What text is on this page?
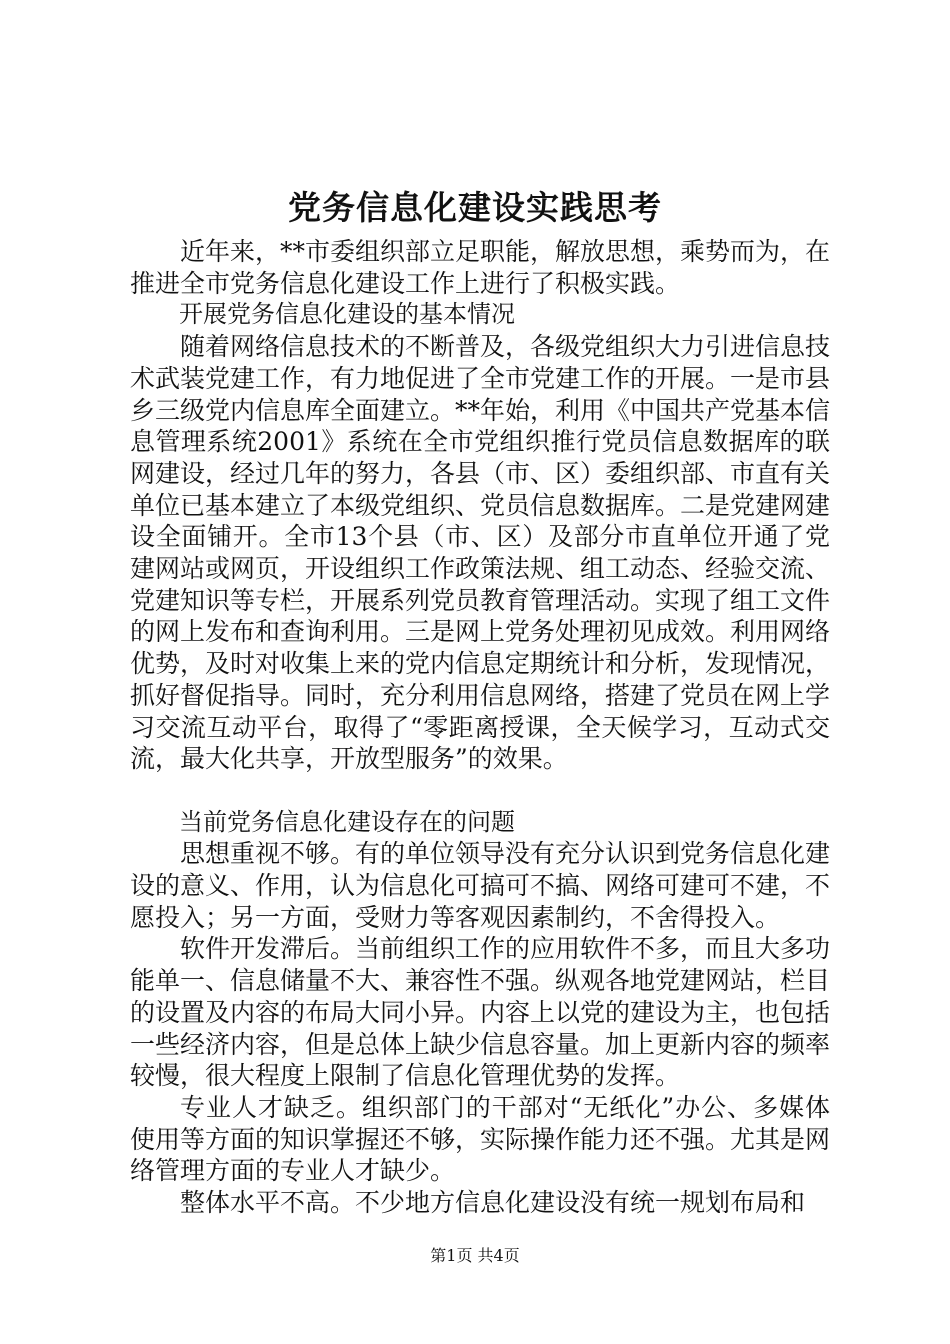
党务信息化建设实践思考

近年来，**市委组织部立足职能，解放思想，乘势而为，在推进全市党务信息化建设工作上进行了积极实践。

开展党务信息化建设的基本情况

随着网络信息技术的不断普及，各级党组织大力引进信息技术武装党建工作，有力地促进了全市党建工作的开展。一是市县乡三级党内信息库全面建立。**年始，利用《中国共产党基本信息管理系统2001》系统在全市党组织推行党员信息数据库的联网建设，经过几年的努力，各县（市、区）委组织部、市直有关单位已基本建立了本级党组织、党员信息数据库。二是党建网建设全面铺开。全市13个县（市、区）及部分市直单位开通了党建网站或网页，开设组织工作政策法规、组工动态、经验交流、党建知识等专栏，开展系列党员教育管理活动。实现了组工文件的网上发布和查询利用。三是网上党务处理初见成效。利用网络优势，及时对收集上来的党内信息定期统计和分析，发现情况，抓好督促指导。同时，充分利用信息网络，搭建了党员在网上学习交流互动平台，取得了“零距离授课，全天候学习，互动式交流，最大化共享，开放型服务”的效果。

当前党务信息化建设存在的问题

思想重视不够。有的单位领导没有充分认识到党务信息化建设的意义、作用，认为信息化可搞可不搞、网络可建可不建，不愿投入；另一方面，受财力等客观因素制约，不舍得投入。

软件开发滞后。当前组织工作的应用软件不多，而且大多功能单一、信息储量不大、兼容性不强。纵观各地党建网站，栏目的设置及内容的布局大同小异。内容上以党的建设为主，也包括一些经济内容，但是总体上缺少信息容量。加上更新内容的频率较慢，很大程度上限制了信息化管理优势的发挥。

专业人才缺乏。组织部门的干部对“无纸化”办公、多媒体使用等方面的知识掌握还不够，实际操作能力还不强。尤其是网络管理方面的专业人才缺少。

整体水平不高。不少地方信息化建设没有统一规划布局和

第1页 共4页
